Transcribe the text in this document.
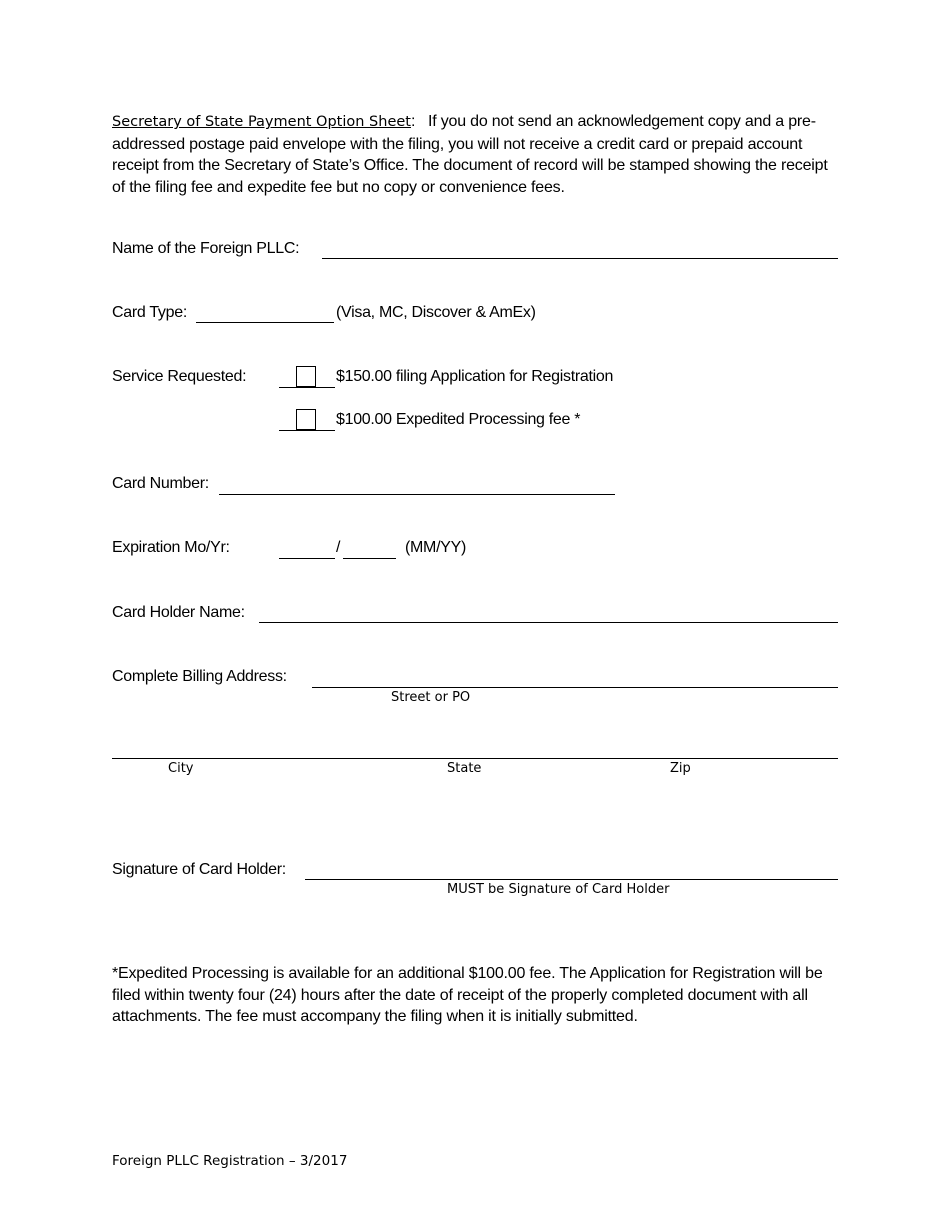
Secretary of State Payment Option Sheet: If you do not send an acknowledgement copy and a pre-addressed postage paid envelope with the filing, you will not receive a credit card or prepaid account receipt from the Secretary of State’s Office. The document of record will be stamped showing the receipt of the filing fee and expedite fee but no copy or convenience fees.
Name of the Foreign PLLC:
Card Type:	(Visa, MC, Discover & AmEx)
Service Requested:	$150.00 filing Application for Registration
$100.00 Expedited Processing fee *
Card Number:
Expiration Mo/Yr:	/	(MM/YY)
Card Holder Name:
Complete Billing Address:
Street or PO
City	State	Zip
Signature of Card Holder:
MUST be Signature of Card Holder
*Expedited Processing is available for an additional $100.00 fee. The Application for Registration will be filed within twenty four (24) hours after the date of receipt of the properly completed document with all attachments. The fee must accompany the filing when it is initially submitted.
Foreign PLLC Registration – 3/2017
